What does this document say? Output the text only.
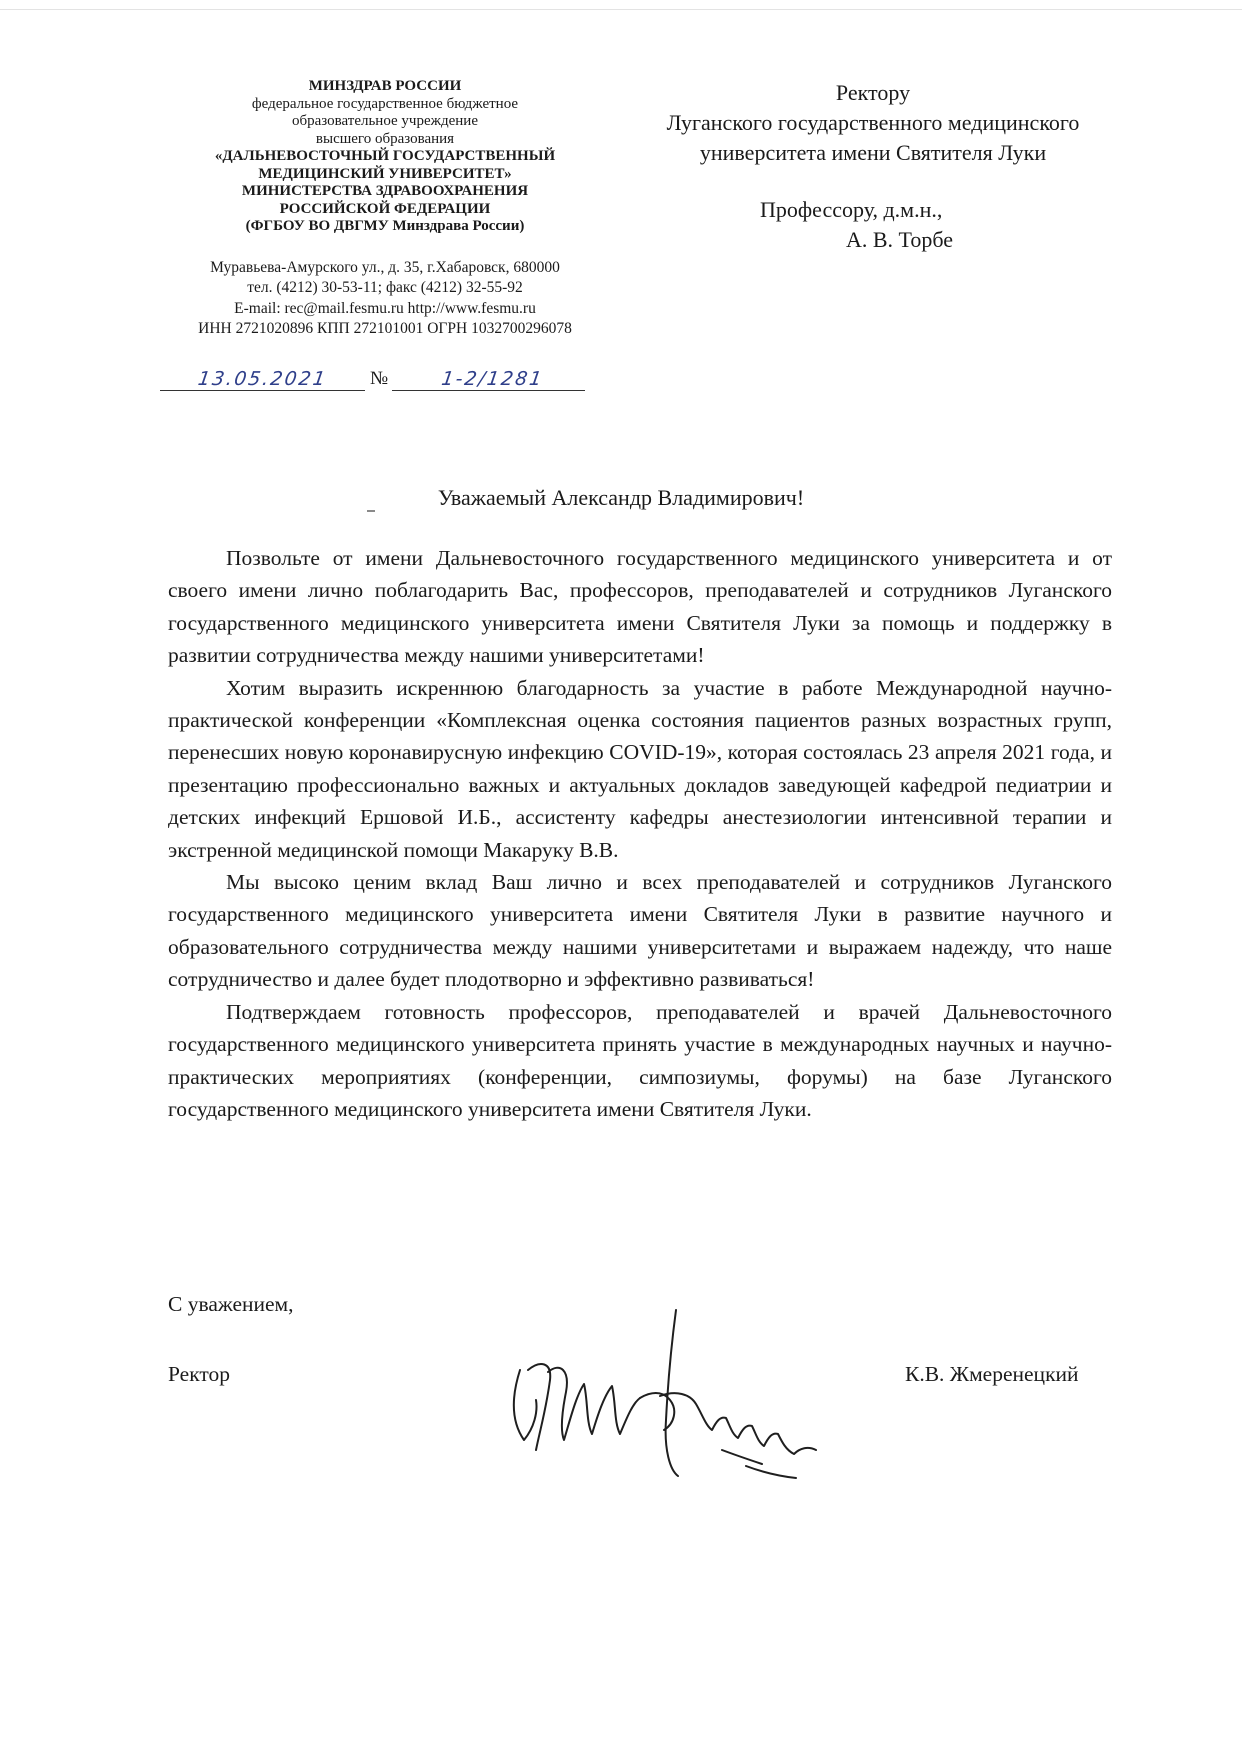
МИНЗДРАВ РОССИИ
федеральное государственное бюджетное
образовательное учреждение
высшего образования
«ДАЛЬНЕВОСТОЧНЫЙ ГОСУДАРСТВЕННЫЙ
МЕДИЦИНСКИЙ УНИВЕРСИТЕТ»
МИНИСТЕРСТВА ЗДРАВООХРАНЕНИЯ
РОССИЙСКОЙ ФЕДЕРАЦИИ
(ФГБОУ ВО ДВГМУ Минздрава России)
Муравьева-Амурского ул., д. 35, г.Хабаровск, 680000
тел. (4212) 30-53-11; факс (4212) 32-55-92
E-mail: rec@mail.fesmu.ru http://www.fesmu.ru
ИНН 2721020896 КПП 272101001 ОГРН 1032700296078
13.05.2021	№	1-2/1281
Ректору
Луганского государственного медицинского
университета имени Святителя Луки
Профессору, д.м.н.,
А. В. Торбе
Уважаемый Александр Владимирович!

Позвольте от имени Дальневосточного государственного медицинского университета и от своего имени лично поблагодарить Вас, профессоров, преподавателей и сотрудников Луганского государственного медицинского университета имени Святителя Луки за помощь и поддержку в развитии сотрудничества между нашими университетами!

Хотим выразить искреннюю благодарность за участие в работе Международной научно-практической конференции «Комплексная оценка состояния пациентов разных возрастных групп, перенесших новую коронавирусную инфекцию COVID-19», которая состоялась 23 апреля 2021 года, и презентацию профессионально важных и актуальных докладов заведующей кафедрой педиатрии и детских инфекций Ершовой И.Б., ассистенту кафедры анестезиологии интенсивной терапии и экстренной медицинской помощи Макаруку В.В.

Мы высоко ценим вклад Ваш лично и всех преподавателей и сотрудников Луганского государственного медицинского университета имени Святителя Луки в развитие научного и образовательного сотрудничества между нашими университетами и выражаем надежду, что наше сотрудничество и далее будет плодотворно и эффективно развиваться!

Подтверждаем готовность профессоров, преподавателей и врачей Дальневосточного государственного медицинского университета принять участие в международных научных и научно-практических мероприятиях (конференции, симпозиумы, форумы) на базе Луганского государственного медицинского университета имени Святителя Луки.

С уважением,
Ректор	К.В. Жмеренецкий
